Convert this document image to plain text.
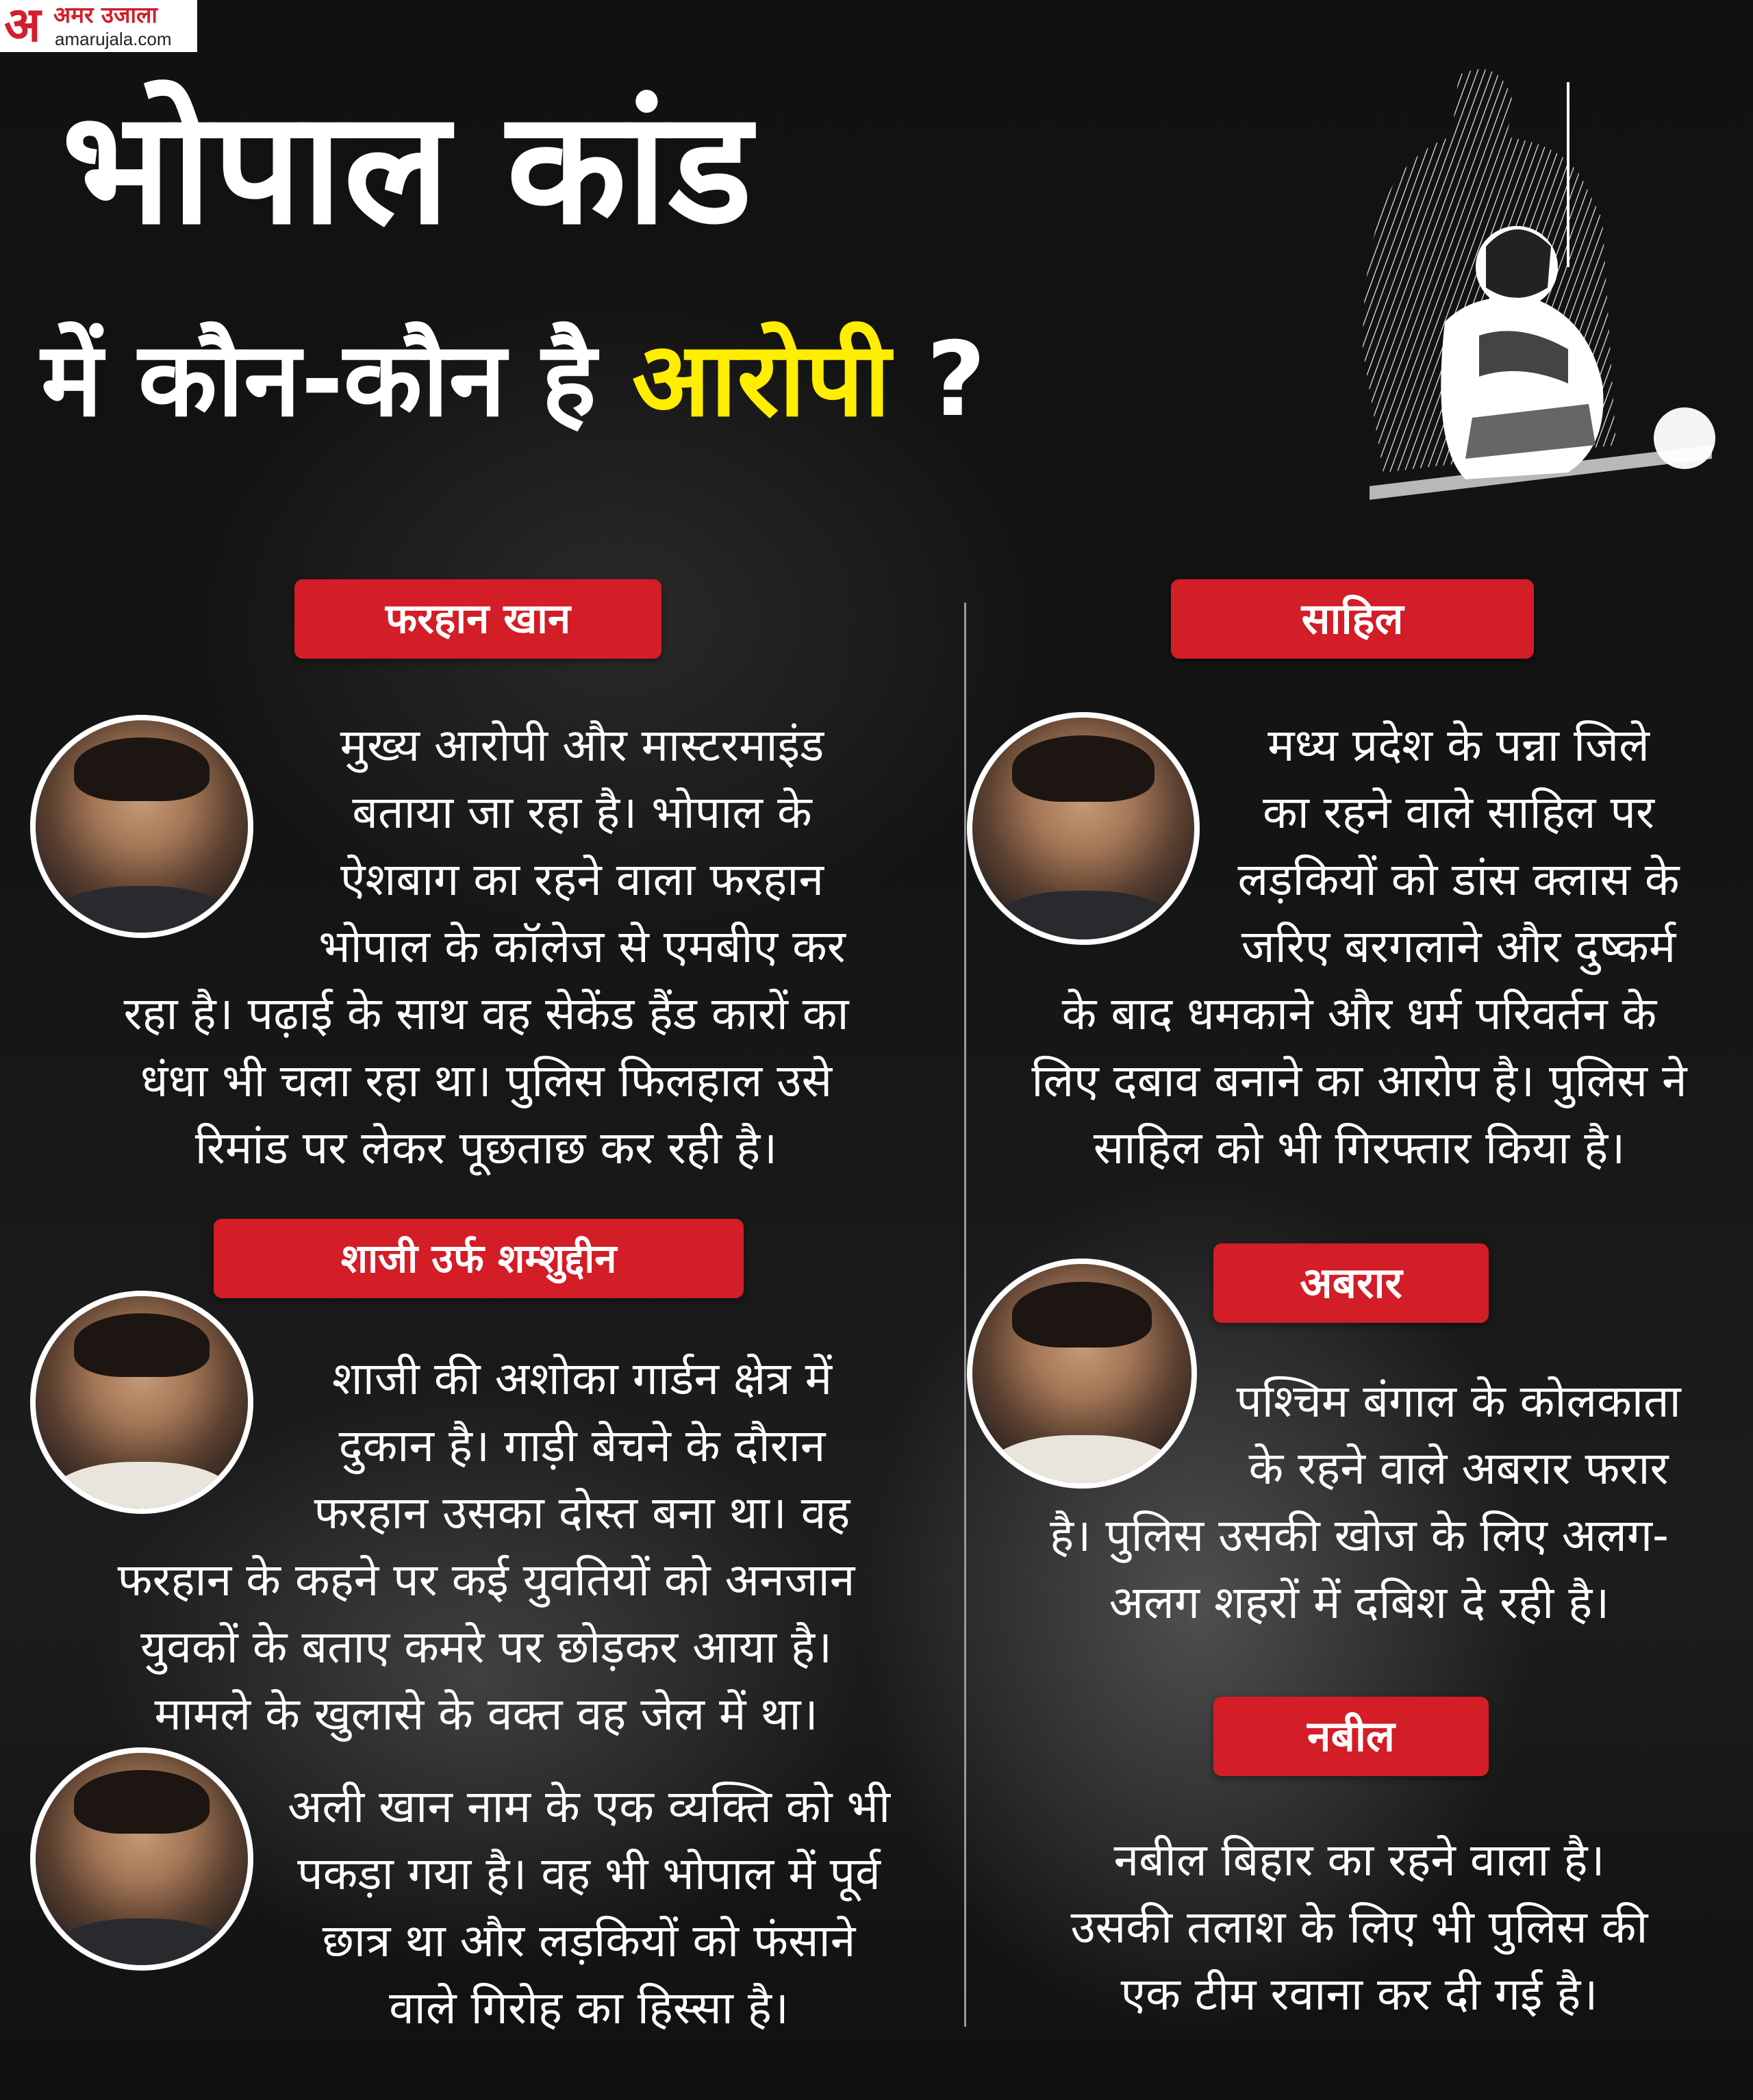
अ अमर उजाला
amarujala.com
भोपाल कांड
में कौन-कौन है आरोपी ?
फरहान खान
मुख्य आरोपी और मास्टरमाइंड
बताया जा रहा है। भोपाल के
ऐशबाग का रहने वाला फरहान
भोपाल के कॉलेज से एमबीए कर
रहा है। पढ़ाई के साथ वह सेकेंड हैंड कारों का
धंधा भी चला रहा था। पुलिस फिलहाल उसे
रिमांड पर लेकर पूछताछ कर रही है।
शाजी उर्फ शम्शुद्दीन
शाजी की अशोका गार्डन क्षेत्र में
दुकान है। गाड़ी बेचने के दौरान
फरहान उसका दोस्त बना था। वह
फरहान के कहने पर कई युवतियों को अनजान
युवकों के बताए कमरे पर छोड़कर आया है।
मामले के खुलासे के वक्त वह जेल में था।
अली खान नाम के एक व्यक्ति को भी
पकड़ा गया है। वह भी भोपाल में पूर्व
छात्र था और लड़कियों को फंसाने
वाले गिरोह का हिस्सा है।
साहिल
मध्य प्रदेश के पन्ना जिले
का रहने वाले साहिल पर
लड़कियों को डांस क्लास के
जरिए बरगलाने और दुष्कर्म
के बाद धमकाने और धर्म परिवर्तन के
लिए दबाव बनाने का आरोप है। पुलिस ने
साहिल को भी गिरफ्तार किया है।
अबरार
पश्चिम बंगाल के कोलकाता
के रहने वाले अबरार फरार
है। पुलिस उसकी खोज के लिए अलग-
अलग शहरों में दबिश दे रही है।
नबील
नबील बिहार का रहने वाला है।
उसकी तलाश के लिए भी पुलिस की
एक टीम रवाना कर दी गई है।
